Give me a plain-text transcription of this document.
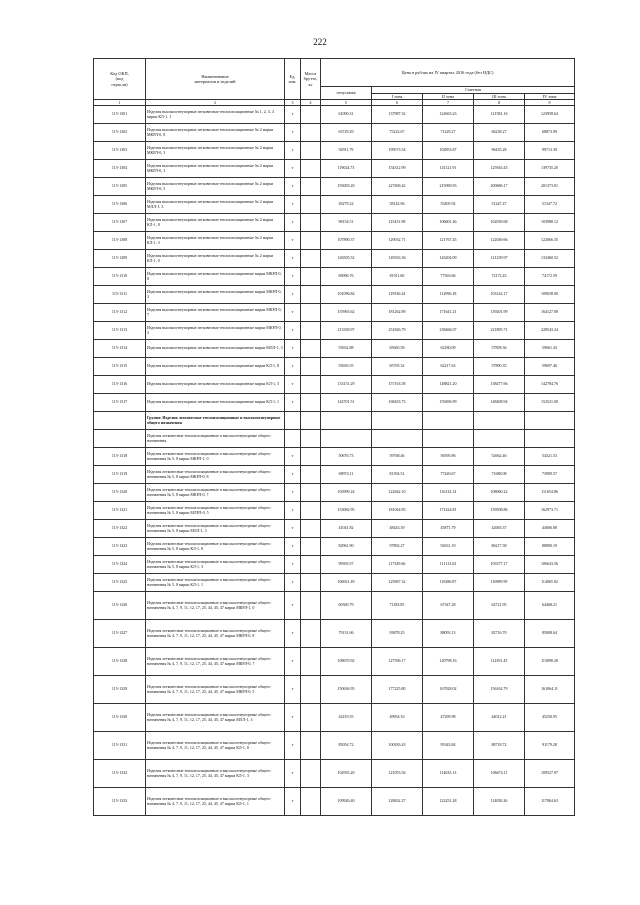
222
Код ОКП,
(код
отрасли)	Наименование
материалов и изделий	Ед.
изм.	Масса
брутто,
кг	Цена в рублях на IV квартал 2016 года (без НДС)				
				отпускная	Сметная			
					I зона	II зона	III зона	IV зона
1	2	3	4	5	6	7	8	9
115-1301	Изделия высокоогнеупорные легковесные теплоизоляционные № 1, 2, 3, 4 марки КЛ-1, 1	т		61090.31	137987.32	124663.23	121581.16	123958.64
115-1302	Изделия высокоогнеупорные легковесные теплоизоляционные № 2 марки МКРЛ-0, 8	т		63729.29	75222.67	71229.27	66238.27	68873.99
115-1303	Изделия высокоогнеупорные легковесные теплоизоляционные № 2 марки МКРЛ-0, 3	т		92911.79	199573.54	102853.87	96435.28	99713.39
115-1304	Изделия высокоогнеупорные легковесные теплоизоляционные № 2 марки МКРЛ-0, 3	т		119024.73	154312.99	141121.91	125943.43	139735.20
115-1305	Изделия высокоогнеупорные легковесные теплоизоляционные № 2 марки МКРЛ-0, 5	т		193003.20	227406.42	215090.93	200686.17	201373.81
115-1306	Изделия высокоогнеупорные легковесные теплоизоляционные № 2 марки МЛЛ-1, 3	т		49279.22	58142.96	55405.92	51247.47	51347.72
115-1307	Изделия высокоогнеупорные легковесные теплоизоляционные № 2 марки КЛ-1, 8	т		98154.51	115431.98	106601.46	102039.68	103988.12
115-1308	Изделия высокоогнеупорные легковесные теплоизоляционные № 2 марки КЛ-1, 3	т		107890.37	129032.71	121767.45	122049.66	122066.35
115-1309	Изделия высокоогнеупорные легковесные теплоизоляционные № 2 марки КЛ-1, 0	т		126505.52	149333.36	143204.09	121239.97	133460.52
115-1310	Изделия высокоогнеупорные легковесные теплоизоляционные марки МКРЛ-0, 8	т		69096.76	81911.60	77563.66	72172.43	74172.59
115-1311	Изделия высокоогнеупорные легковесные теплоизоляционные марки МКРЛ-0, 3	т		101096.84	119330.24	112996.18	103142.17	109038.00
115-1312	Изделия высокоогнеупорные легковесные теплоизоляционные марки МКРЛ-0, 7	т		155965.62	181262.89	171641.21	159201.99	164127.08
115-1313	Изделия высокоогнеупорные легковесные теплоизоляционные марки МКРЛ-0, 3	т		213339.97	251826.79	238466.07	221895.71	228543.24
115-1314	Изделия высокоогнеупорные легковесные теплоизоляционные марки МЛЛ-1, 3	т		55632.88	65665.58	62180.09	57858.36	59661.43
115-1315	Изделия высокоогнеупорные легковесные теплоизоляционные марки КЛ-1, 8	т		55656.55	65705.32	62217.63	57890.35	59697.46
115-1316	Изделия высокоогнеупорные легковесные теплоизоляционные марки КЛ-1, 3	т		133151.29	157163.58	148821.20	138477.66	142784.76
115-1317	Изделия высокоогнеупорные легковесные теплоизоляционные марки КЛ-1, 1	т		142701.51	168433.73	159496.99	148408.94	152521.00
	Группа: Изделия легковесные теплоизоляционные и высокоогнеупорные общего назначения							
	Изделия легковесные теплоизоляционные и высокоогнеупорные общего назначения							
115-1318	Изделия легковесные теплоизоляционные и высокоогнеупорные общего назначения № 5, 8 марки МКРЛ-1, 0	т		50676.73	59768.46	56595.86	52662.46	54321.53
115-1319	Изделия легковесные теплоизоляционные и высокоогнеупорные общего назначения № 5, 8 марки МКРЛ-0, 8	т		68974.11	81394.51	77420.67	71688.08	73909.57
115-1320	Изделия легковесные теплоизоляционные и высокоогнеупорные общего назначения № 5, 8 марки МКРЛ-0, 7	т		103999.24	122642.10	116132.14	108060.22	111654.86
115-1321	Изделия легковесные теплоизоляционные и высокоогнеупорные общего назначения № 5, 8 марки МЛРЛ-0, 5	т		153082.95	181044.83	171424.81	159508.86	162973.71
115-1322	Изделия легковесные теплоизоляционные и высокоогнеупорные общего назначения № 5, 8 марки МЛЛ-1, 3	т		41041.82	48443.39	45871.79	42683.37	44006.08
115-1323	Изделия легковесные теплоизоляционные и высокоогнеупорные общего назначения № 5, 8 марки КЛ-1, 8	т		82961.90	97892.27	92631.19	86217.38	88890.19
115-1324	Изделия легковесные теплоизоляционные и высокоогнеупорные общего назначения № 5, 8 марки КЛ-1, 3	т		99393.57	117349.66	111113.02	103377.17	106643.56
115-1325	Изделия легковесные теплоизоляционные и высокоогнеупорные общего назначения № 5, 8 марки КЛ-1, 1	т		106921.49	125967.32	119286.87	110989.99	114065.92
115-1326	Изделия легковесные теплоизоляционные и высокоогнеупорные общего назначения № 4, 7, 9, 11, 12, 17, 25, 44, 45, 47 марки МКРЛ-1, 0	т		60369.79	71183.85	67347.28	62721.95	64468.21
115-1327	Изделия легковесные теплоизоляционные и высокоогнеупорные общего назначения № 4, 7, 9, 11, 12, 17, 25, 44, 45, 47 марки МКРЛ-0, 8	т		79131.06	93878.25	88093.13	82716.70	85008.64
115-1328	Изделия легковесные теплоизоляционные и высокоогнеупорные общего назначения № 4, 7, 9, 11, 12, 17, 25, 44, 45, 47 марки МКРЛ-0, 7	т		108670.92	127596.17	120798.16	112391.45	115898.28
115-1329	Изделия легковесные теплоизоляционные и высокоогнеупорные общего назначения № 4, 7, 9, 11, 12, 17, 25, 44, 45, 47 марки МКРЛ-0, 5	т		150636.95	177225.80	167828.02	156162.79	161064.11
115-1330	Изделия легковесные теплоизоляционные и высокоогнеупорные общего назначения № 4, 7, 9, 11, 12, 17, 25, 44, 45, 47 марки МЛЛ-1, 3	т		42419.55	49954.16	47299.98	44012.21	45250.95
115-1331	Изделия легковесные теплоизоляционные и высокоогнеупорные общего назначения № 4, 7, 9, 11, 12, 17, 25, 44, 45, 47 марки КЛ-1, 8	т		85054.72	100183.43	95343.84	88718.72	91179.28
115-1332	Изделия легковесные теплоизоляционные и высокоогнеупорные общего назначения № 4, 7, 9, 11, 12, 17, 25, 44, 45, 47 марки КЛ-1, 3	т		102935.20	121053.56	114635.13	106674.11	109527.97
115-1333	Изделия легковесные теплоизоляционные и высокоогнеупорные общего назначения № 4, 7, 9, 11, 12, 17, 25, 44, 45, 47 марки КЛ-1, 1	т		109926.40	128632.27	122251.28	114050.26	117864.63
